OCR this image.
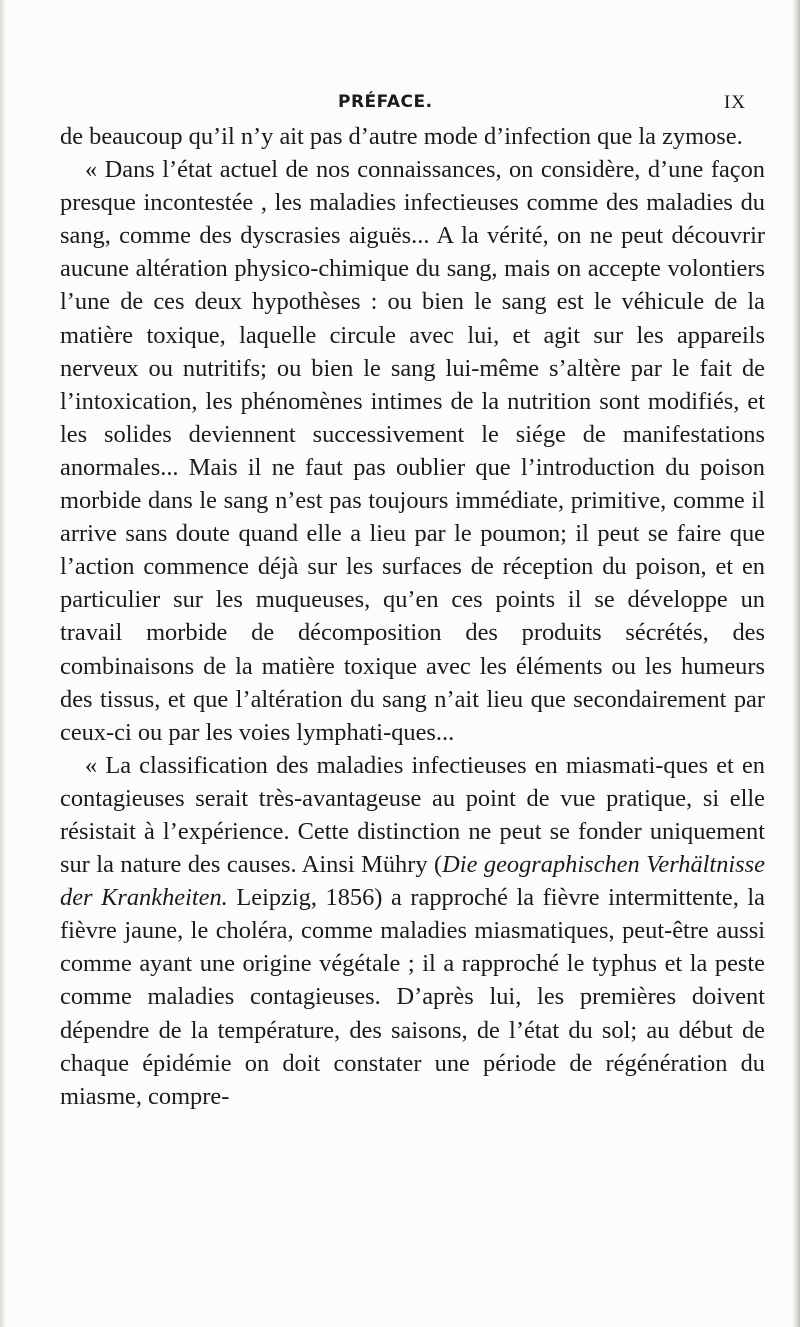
PRÉFACE.	IX

de beaucoup qu’il n’y ait pas d’autre mode d’infection que la zymose.

« Dans l’état actuel de nos connaissances, on considère, d’une façon presque incontestée , les maladies infectieuses comme des maladies du sang, comme des dyscrasies aiguës... A la vérité, on ne peut découvrir aucune altération physico-chimique du sang, mais on accepte volontiers l’une de ces deux hypothèses : ou bien le sang est le véhicule de la matière toxique, laquelle circule avec lui, et agit sur les appareils nerveux ou nutritifs; ou bien le sang lui-même s’altère par le fait de l’intoxication, les phénomènes intimes de la nutrition sont modifiés, et les solides deviennent successivement le siége de manifestations anormales... Mais il ne faut pas oublier que l’introduction du poison morbide dans le sang n’est pas toujours immédiate, primitive, comme il arrive sans doute quand elle a lieu par le poumon; il peut se faire que l’action commence déjà sur les surfaces de réception du poison, et en particulier sur les muqueuses, qu’en ces points il se développe un travail morbide de décomposition des produits sécrétés, des combinaisons de la matière toxique avec les éléments ou les humeurs des tissus, et que l’altération du sang n’ait lieu que secondairement par ceux-ci ou par les voies lymphati-ques...

« La classification des maladies infectieuses en miasmati-ques et en contagieuses serait très-avantageuse au point de vue pratique, si elle résistait à l’expérience. Cette distinction ne peut se fonder uniquement sur la nature des causes. Ainsi Mühry (Die geographischen Verhältnisse der Krankheiten. Leipzig, 1856) a rapproché la fièvre intermittente, la fièvre jaune, le choléra, comme maladies miasmatiques, peut-être aussi comme ayant une origine végétale ; il a rapproché le typhus et la peste comme maladies contagieuses. D’après lui, les premières doivent dépendre de la température, des saisons, de l’état du sol; au début de chaque épidémie on doit constater une période de régénération du miasme, compre-
